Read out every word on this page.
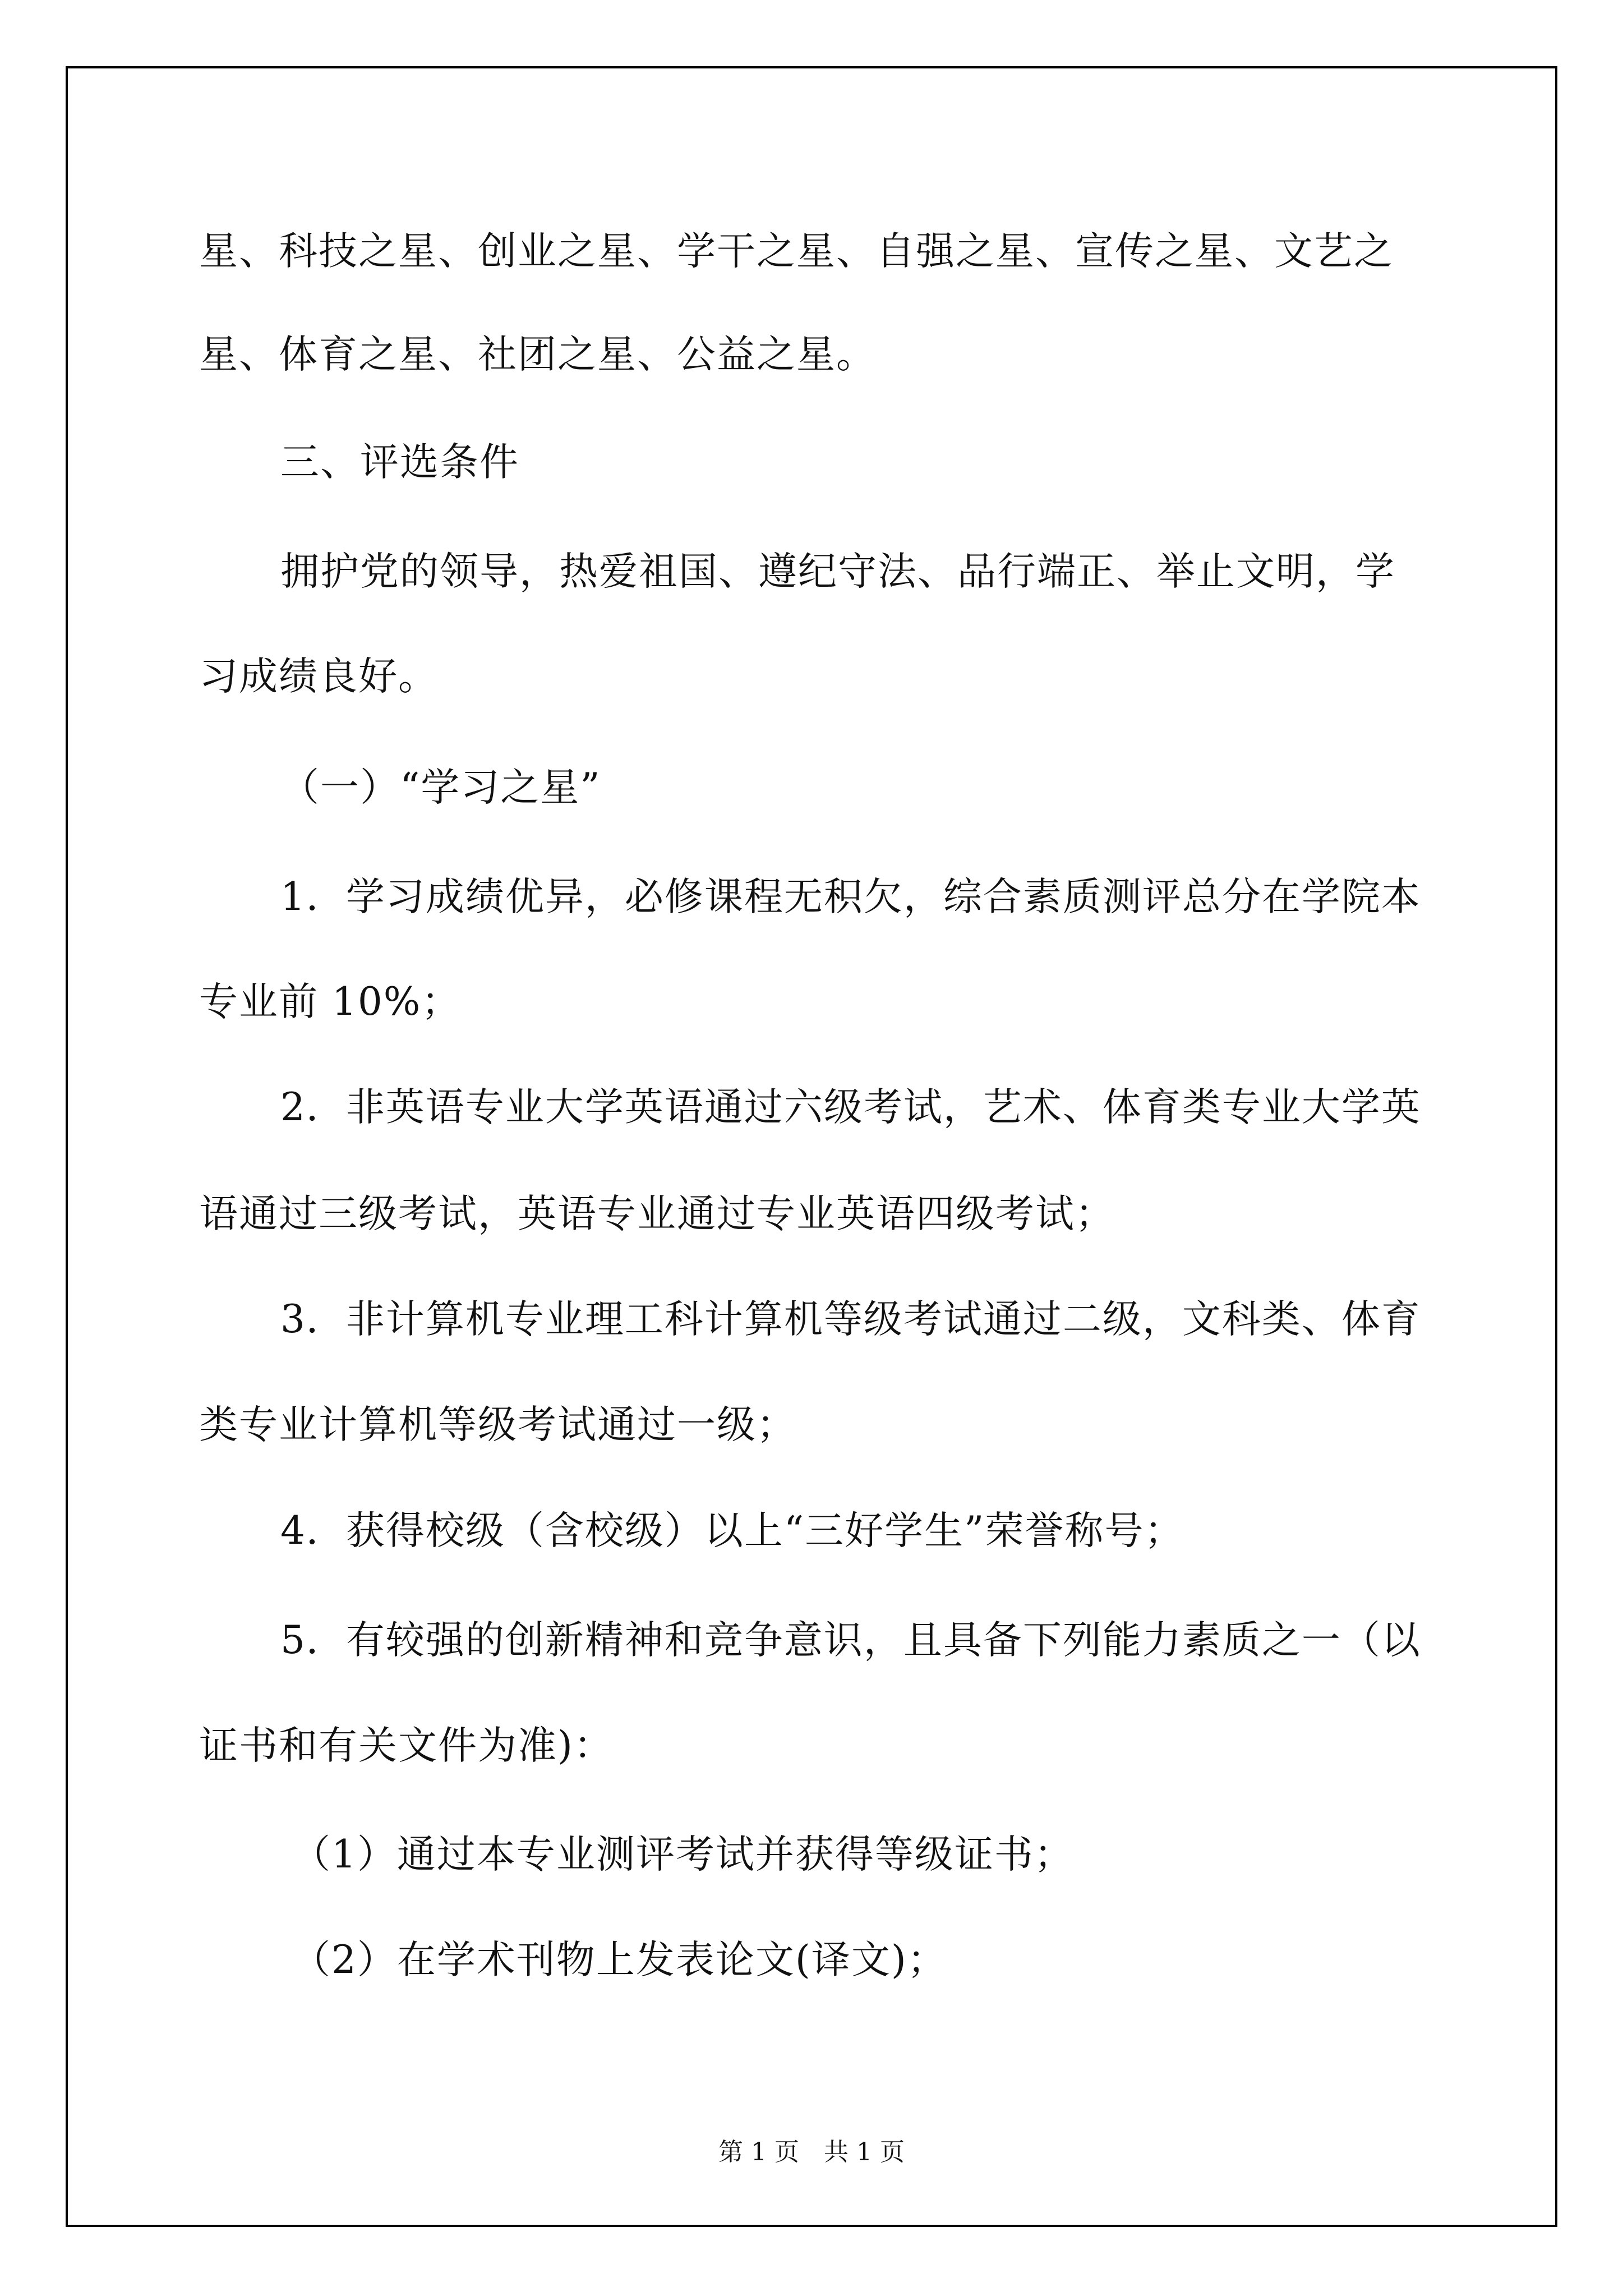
星、科技之星、创业之星、学干之星、自强之星、宣传之星、文艺之
星、体育之星、社团之星、公益之星。
三、评选条件
拥护党的领导，热爱祖国、遵纪守法、品行端正、举止文明，学
习成绩良好。
（一）“学习之星”
1．学习成绩优异，必修课程无积欠，综合素质测评总分在学院本
专业前 10%；
2．非英语专业大学英语通过六级考试，艺术、体育类专业大学英
语通过三级考试，英语专业通过专业英语四级考试；
3．非计算机专业理工科计算机等级考试通过二级，文科类、体育
类专业计算机等级考试通过一级；
4．获得校级（含校级）以上“三好学生”荣誉称号；
5．有较强的创新精神和竞争意识，且具备下列能力素质之一（以
证书和有关文件为准)：
（1）通过本专业测评考试并获得等级证书；
（2）在学术刊物上发表论文(译文)；
第 1 页　共 1 页
